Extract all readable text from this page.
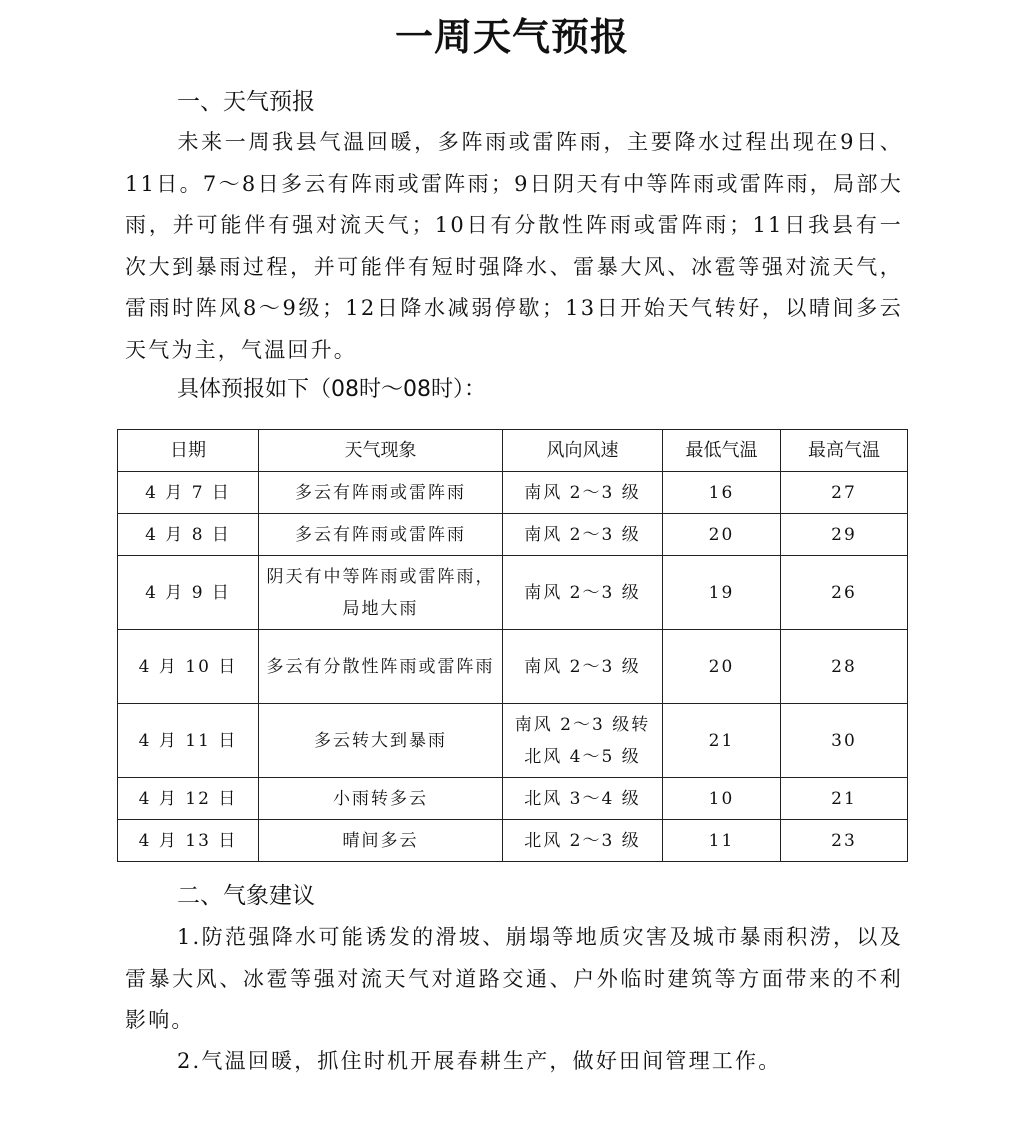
一周天气预报
一、天气预报

未来一周我县气温回暖，多阵雨或雷阵雨，主要降水过程出现在9日、11日。7～8日多云有阵雨或雷阵雨；9日阴天有中等阵雨或雷阵雨，局部大雨，并可能伴有强对流天气；10日有分散性阵雨或雷阵雨；11日我县有一次大到暴雨过程，并可能伴有短时强降水、雷暴大风、冰雹等强对流天气，雷雨时阵风8～9级；12日降水减弱停歇；13日开始天气转好，以晴间多云天气为主，气温回升。

具体预报如下（08时～08时）：
日期	天气现象	风向风速	最低气温	最高气温
4 月 7 日	多云有阵雨或雷阵雨	南风 2～3 级	16	27
4 月 8 日	多云有阵雨或雷阵雨	南风 2～3 级	20	29
4 月 9 日	阴天有中等阵雨或雷阵雨，局地大雨	南风 2～3 级	19	26
4 月 10 日	多云有分散性阵雨或雷阵雨	南风 2～3 级	20	28
4 月 11 日	多云转大到暴雨	南风 2～3 级转北风 4～5 级	21	30
4 月 12 日	小雨转多云	北风 3～4 级	10	21
4 月 13 日	晴间多云	北风 2～3 级	11	23
二、气象建议

1.防范强降水可能诱发的滑坡、崩塌等地质灾害及城市暴雨积涝，以及雷暴大风、冰雹等强对流天气对道路交通、户外临时建筑等方面带来的不利影响。

2.气温回暖，抓住时机开展春耕生产，做好田间管理工作。
